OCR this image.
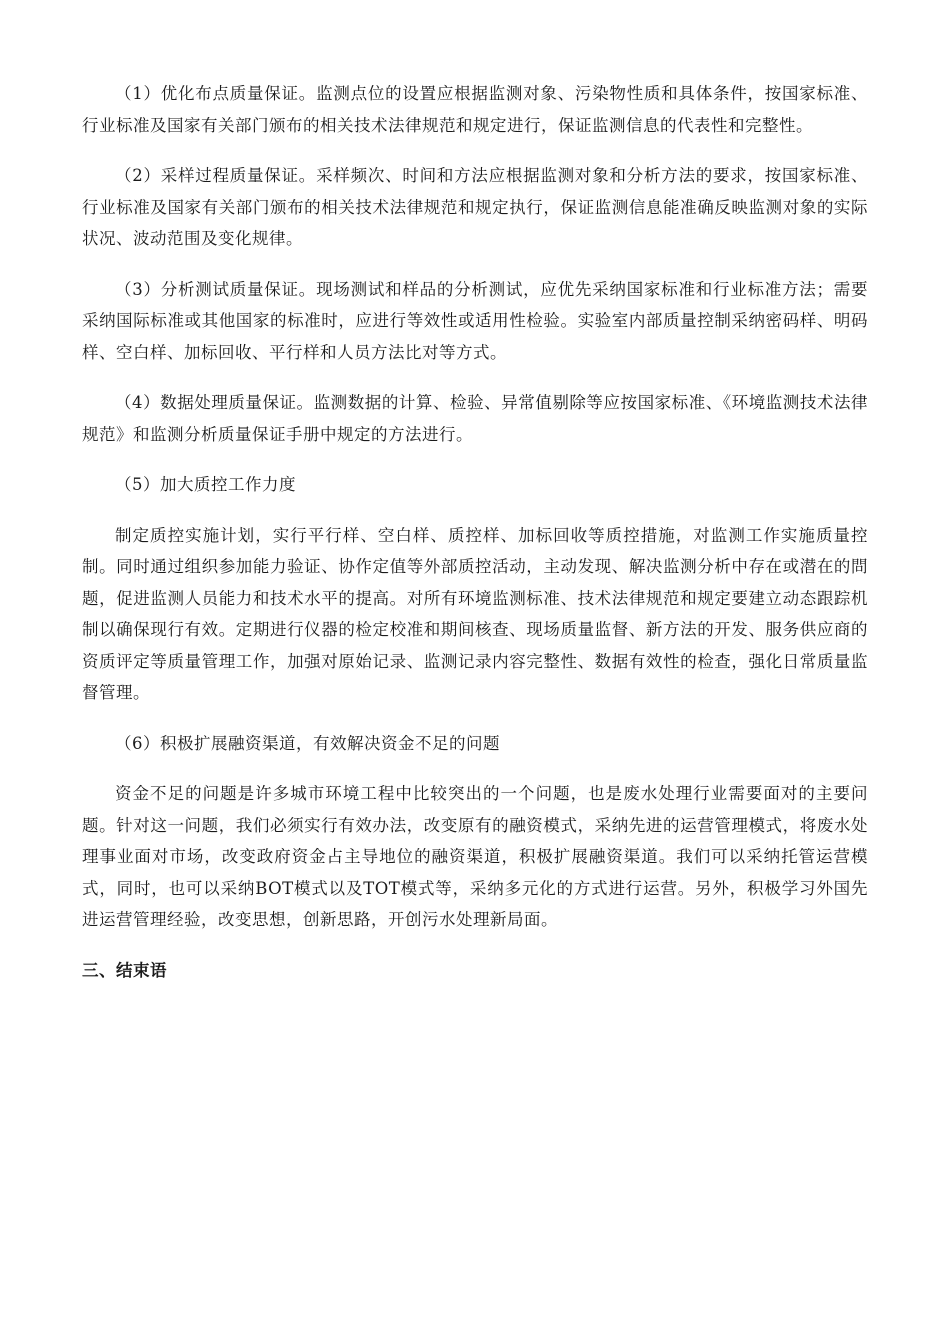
（1）优化布点质量保证。监测点位的设置应根据监测对象、污染物性质和具体条件，按国家标准、行业标准及国家有关部门颁布的相关技术法律规范和规定进行，保证监测信息的代表性和完整性。

（2）采样过程质量保证。采样频次、时间和方法应根据监测对象和分析方法的要求，按国家标准、行业标准及国家有关部门颁布的相关技术法律规范和规定执行，保证监测信息能准确反映监测对象的实际状况、波动范围及变化规律。

（3）分析测试质量保证。现场测试和样品的分析测试，应优先采纳国家标准和行业标准方法；需要采纳国际标准或其他国家的标准时，应进行等效性或适用性检验。实验室内部质量控制采纳密码样、明码样、空白样、加标回收、平行样和人员方法比对等方式。

（4）数据处理质量保证。监测数据的计算、检验、异常值剔除等应按国家标准、《环境监测技术法律规范》和监测分析质量保证手册中规定的方法进行。

（5）加大质控工作力度

制定质控实施计划，实行平行样、空白样、质控样、加标回收等质控措施，对监测工作实施质量控制。同时通过组织参加能力验证、协作定值等外部质控活动，主动发现、解决监测分析中存在或潜在的問题，促进监测人员能力和技术水平的提高。对所有环境监测标准、技术法律规范和规定要建立动态跟踪机制以确保现行有效。定期进行仪器的检定校准和期间核查、现场质量监督、新方法的开发、服务供应商的资质评定等质量管理工作，加强对原始记录、监测记录内容完整性、数据有效性的检查，强化日常质量监督管理。

（6）积极扩展融资渠道，有效解决资金不足的问题

资金不足的问题是许多城市环境工程中比较突出的一个问题，也是废水处理行业需要面对的主要问题。针对这一问题，我们必须实行有效办法，改变原有的融资模式，采纳先进的运营管理模式，将废水处理事业面对市场，改变政府资金占主导地位的融资渠道，积极扩展融资渠道。我们可以采纳托管运营模式，同时，也可以采纳BOT模式以及TOT模式等，采纳多元化的方式进行运营。另外，积极学习外国先进运营管理经验，改变思想，创新思路，开创污水处理新局面。

三、结束语
